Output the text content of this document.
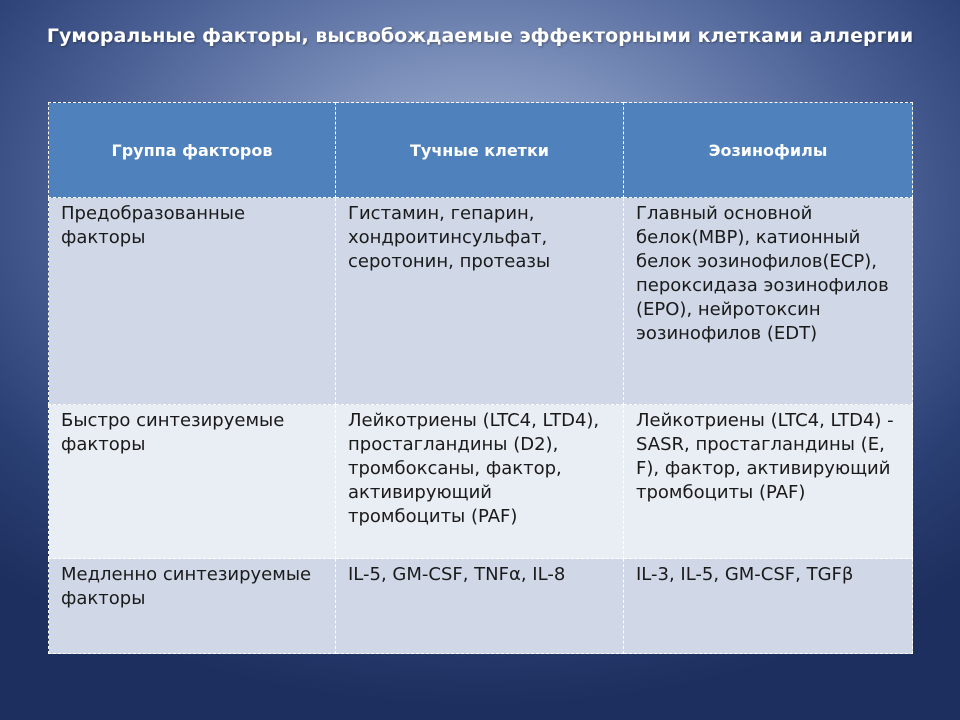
Гуморальные факторы, высвобождаемые эффекторными клетками аллергии
Группа факторов	Тучные клетки	Эозинофилы
Предобразованные факторы	Гистамин, гепарин, хондроитинсульфат, серотонин, протеазы	Главный основной белок(MBP), катионный белок эозинофилов(ECP),
пероксидаза эозинофилов (EPO), нейротоксин эозинофилов (EDT)
Быстро синтезируемые факторы	Лейкотриены (LTC4, LTD4), простагландины (D2), тромбоксаны, фактор, активирующий тромбоциты (PAF)	Лейкотриены (LTC4, LTD4) - SASR, простагландины (E, F), фактор, активирующий тромбоциты (PAF)
Медленно синтезируемые факторы	IL-5, GM-CSF, TNFα, IL-8	IL-3, IL-5, GM-CSF, TGFβ
